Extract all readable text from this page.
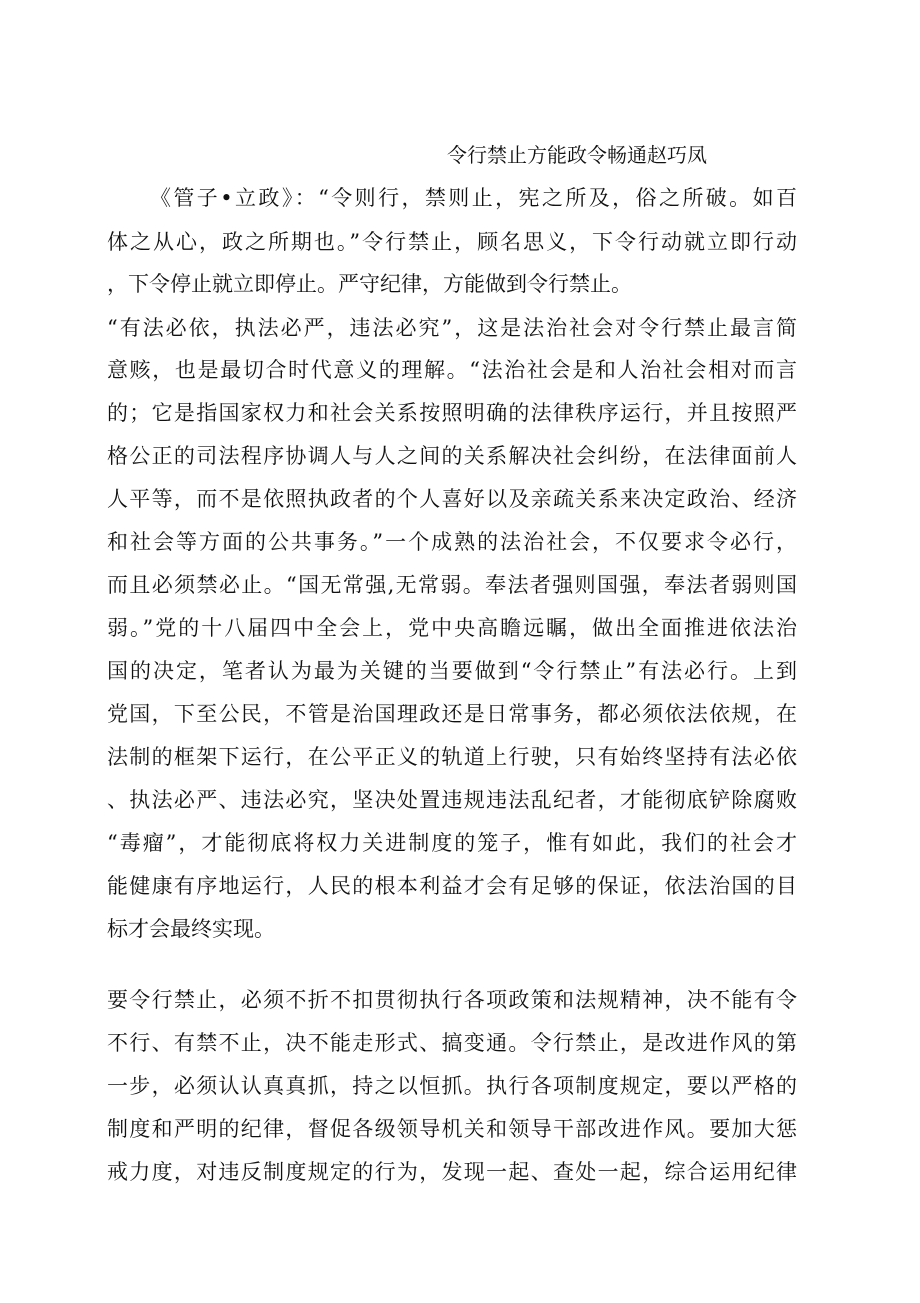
令行禁止方能政令畅通赵巧凤
《管子•立政》：“令则行，禁则止，宪之所及，俗之所破。如百
体之从心，政之所期也。”令行禁止，顾名思义，下令行动就立即行动
，下令停止就立即停止。严守纪律，方能做到令行禁止。
“有法必依，执法必严，违法必究”，这是法治社会对令行禁止最言简
意赅，也是最切合时代意义的理解。“法治社会是和人治社会相对而言
的；它是指国家权力和社会关系按照明确的法律秩序运行，并且按照严
格公正的司法程序协调人与人之间的关系解决社会纠纷，在法律面前人
人平等，而不是依照执政者的个人喜好以及亲疏关系来决定政治、经济
和社会等方面的公共事务。”一个成熟的法治社会，不仅要求令必行，
而且必须禁必止。“国无常强,无常弱。奉法者强则国强，奉法者弱则国
弱。”党的十八届四中全会上，党中央高瞻远瞩，做出全面推进依法治
国的决定，笔者认为最为关键的当要做到“令行禁止”有法必行。上到
党国，下至公民，不管是治国理政还是日常事务，都必须依法依规，在
法制的框架下运行，在公平正义的轨道上行驶，只有始终坚持有法必依
、执法必严、违法必究，坚决处置违规违法乱纪者，才能彻底铲除腐败
“毒瘤”，才能彻底将权力关进制度的笼子，惟有如此，我们的社会才
能健康有序地运行，人民的根本利益才会有足够的保证，依法治国的目
标才会最终实现。
要令行禁止，必须不折不扣贯彻执行各项政策和法规精神，决不能有令
不行、有禁不止，决不能走形式、搞变通。令行禁止，是改进作风的第
一步，必须认认真真抓，持之以恒抓。执行各项制度规定，要以严格的
制度和严明的纪律，督促各级领导机关和领导干部改进作风。要加大惩
戒力度，对违反制度规定的行为，发现一起、查处一起，综合运用纪律
